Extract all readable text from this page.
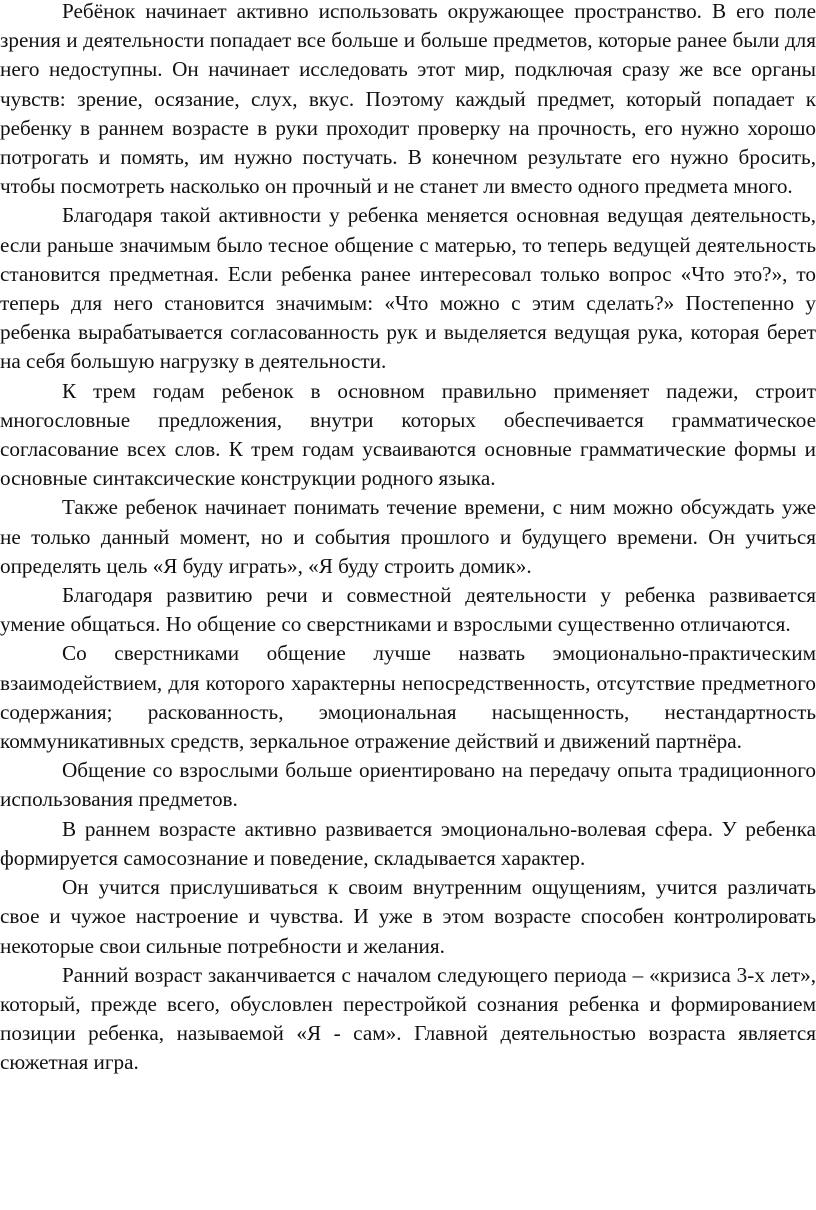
Ребёнок начинает активно использовать окружающее пространство. В его поле зрения и деятельности попадает все больше и больше предметов, которые ранее были для него недоступны. Он начинает исследовать этот мир, подключая сразу же все органы чувств: зрение, осязание, слух, вкус. Поэтому каждый предмет, который попадает к ребенку в раннем возрасте в руки проходит проверку на прочность, его нужно хорошо потрогать и помять, им нужно постучать. В конечном результате его нужно бросить, чтобы посмотреть насколько он прочный и не станет ли вместо одного предмета много.

Благодаря такой активности у ребенка меняется основная ведущая деятельность, если раньше значимым было тесное общение с матерью, то теперь ведущей деятельность становится предметная. Если ребенка ранее интересовал только вопрос «Что это?», то теперь для него становится значимым: «Что можно с этим сделать?» Постепенно у ребенка вырабатывается согласованность рук и выделяется ведущая рука, которая берет на себя большую нагрузку в деятельности.

К трем годам ребенок в основном правильно применяет падежи, строит многословные предложения, внутри которых обеспечивается грамматическое согласование всех слов. К трем годам усваиваются основные грамматические формы и основные синтаксические конструкции родного языка.

Также ребенок начинает понимать течение времени, с ним можно обсуждать уже не только данный момент, но и события прошлого и будущего времени. Он учиться определять цель «Я буду играть», «Я буду строить домик».

Благодаря развитию речи и совместной деятельности у ребенка развивается умение общаться. Но общение со сверстниками и взрослыми существенно отличаются.

Со сверстниками общение лучше назвать эмоционально-практическим взаимодействием, для которого характерны непосредственность, отсутствие предметного содержания; раскованность, эмоциональная насыщенность, нестандартность коммуникативных средств, зеркальное отражение действий и движений партнёра.

Общение со взрослыми больше ориентировано на передачу опыта традиционного использования предметов.

В раннем возрасте активно развивается эмоционально-волевая сфера. У ребенка формируется самосознание и поведение, складывается характер.

Он учится прислушиваться к своим внутренним ощущениям, учится различать свое и чужое настроение и чувства. И уже в этом возрасте способен контролировать некоторые свои сильные потребности и желания.

Ранний возраст заканчивается с началом следующего периода – «кризиса 3-х лет», который, прежде всего, обусловлен перестройкой сознания ребенка и формированием позиции ребенка, называемой «Я - сам». Главной деятельностью возраста является сюжетная игра.
